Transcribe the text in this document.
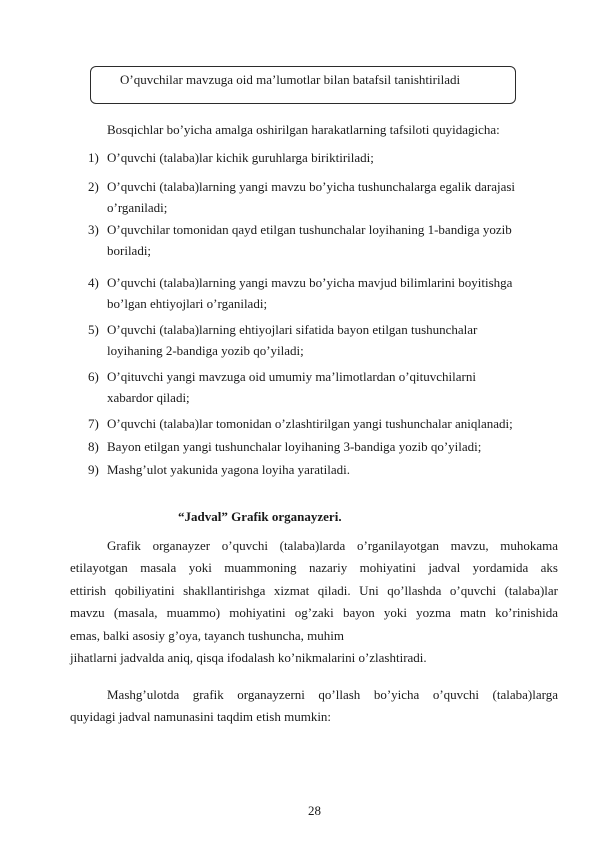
O’quvchilar mavzuga oid ma’lumotlar bilan batafsil tanishtiriladi
Bosqichlar bo’yicha amalga oshirilgan harakatlarning tafsiloti quyidagicha:
1) O’quvchi (talaba)lar kichik guruhlarga biriktiriladi;
2) O’quvchi (talaba)larning yangi mavzu bo’yicha tushunchalarga egalik darajasi
o’rganiladi;
3) O’quvchilar tomonidan qayd etilgan tushunchalar loyihaning 1-bandiga yozib
boriladi;
4) O’quvchi (talaba)larning yangi mavzu bo’yicha mavjud bilimlarini boyitishga
bo’lgan ehtiyojlari o’rganiladi;
5) O’quvchi (talaba)larning ehtiyojlari sifatida bayon etilgan tushunchalar
loyihaning 2-bandiga yozib qo’yiladi;
6) O’qituvchi yangi mavzuga oid umumiy ma’limotlardan o’qituvchilarni
xabardor qiladi;
7) O’quvchi (talaba)lar tomonidan o’zlashtirilgan yangi tushunchalar aniqlanadi;
8) Bayon etilgan yangi tushunchalar loyihaning 3-bandiga yozib qo’yiladi;
9) Mashg’ulot yakunida yagona loyiha yaratiladi.
“Jadval” Grafik organayzeri.
Grafik organayzer o’quvchi (talaba)larda o’rganilayotgan mavzu, muhokama
etilayotgan masala yoki muammoning nazariy mohiyatini jadval yordamida aks
ettirish qobiliyatini shakllantirishga xizmat qiladi. Uni qo’llashda o’quvchi (talaba)lar
mavzu (masala, muammo) mohiyatini og’zaki bayon yoki yozma matn ko’rinishida
emas, balki asosiy g’oya, tayanch tushuncha, muhim
jihatlarni jadvalda aniq, qisqa ifodalash ko’nikmalarini o’zlashtiradi.
Mashg’ulotda grafik organayzerni qo’llash bo’yicha o’quvchi (talaba)larga
quyidagi jadval namunasini taqdim etish mumkin:
28
